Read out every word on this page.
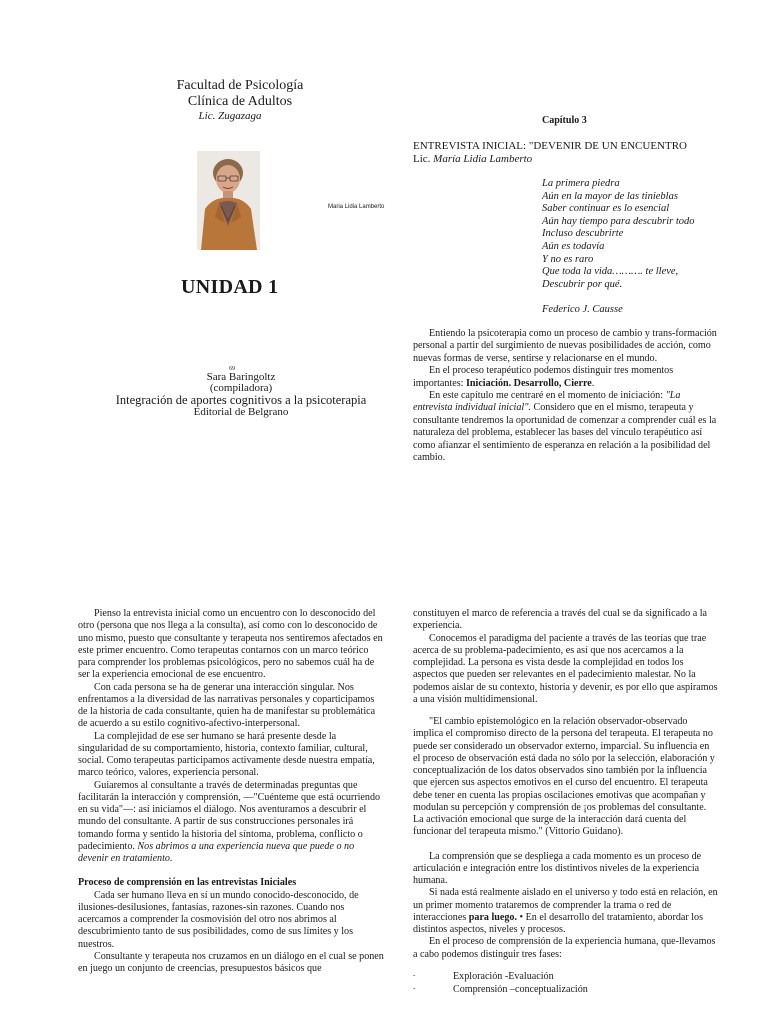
Facultad de Psicología
Clínica de Adultos
Lic. Zugazaga
Maria Lidia Lamberto
UNIDAD 1
69
Sara Baringoltz
(compiladora)
Integración de aportes cognitivos a la psicoterapia
Editorial de Belgrano
Capítulo 3
ENTREVISTA INICIAL: "DEVENIR DE UN ENCUENTRO
Lic. María Lidia Lamberto
La primera piedra
Aún en la mayor de las tinieblas
Saber continuar es lo esencial
Aún hay tiempo para descubrir todo
Incluso descubrirte
Aún es todavía
Y no es raro
Que toda la vida………. te lleve,
Descubrir por qué.
Federico J. Causse

Entiendo la psicoterapia como un proceso de cambio y trans-formación personal a partir del surgimiento de nuevas posibilidades de acción, como nuevas formas de verse, sentirse y relacionarse en el mundo.

En el proceso terapéutico podemos distinguir tres momentos importantes: Iniciación. Desarrollo, Cierre.

En este capítulo me centraré en el momento de iniciación: "La entrevista individual inicial". Considero que en el mismo, terapeuta y consultante tendremos la oportunidad de comenzar a comprender cuál es la naturaleza del problema, establecer las bases del vínculo terapéutico así como afianzar el sentimiento de esperanza en relación a la posibilidad del cambio.

Pienso la entrevista inicial como un encuentro con lo desconocido del otro (persona que nos llega a la consulta), así como con lo desconocido de uno mismo, puesto que consultante y terapeuta nos sentiremos afectados en este primer encuentro. Como terapeutas contarnos con un marco teórico para comprender los problemas psicológicos, pero no sabemos cuál ha de ser la experiencia emocional de ese encuentro.

Con cada persona se ha de generar una interacción singular. Nos enfrentamos a la diversidad de las narrativas personales y coparticipamos de la historia de cada consultante, quien ha de manifestar su problemática de acuerdo a su estilo cognitivo-afectivo-interpersonal.

La complejidad de ese ser humano se hará presente desde la singularidad de su comportamiento, historia, contexto familiar, cultural, social. Como terapeutas participamos activamente desde nuestra empatía, marco teórico, valores, experiencia personal.

Guiaremos al consultante a través de determinadas preguntas que facilitarán la interacción y comprensión, —"Cuénteme que está ocurriendo en su vida"—: así iniciamos el diálogo. Nos aventuramos a descubrir el mundo del consultante. A partir de sus construcciones personales irá tomando forma y sentido la historia del síntoma, problema, conflicto o padecimiento. Nos abrimos a una experiencia nueva que puede o no devenir en tratamiento.

Proceso de comprensión en las entrevistas Iniciales

Cada ser humano lleva en sí un mundo conocido-desconocido, de ilusiones-desilusiones, fantasías, razones-sin razones. Cuando nos acercamos a comprender la cosmovisión del otro nos abrimos al descubrimiento tanto de sus posibilidades, como de sus límites y los nuestros.

Consultante y terapeuta nos cruzamos en un diálogo en el cual se ponen en juego un conjunto de creencias, presupuestos básicos que

constituyen el marco de referencia a través del cual se da significado a la experiencia.

Conocemos el paradigma del paciente a través de las teorías que trae acerca de su problema-padecimiento, es así que nos acercamos a la complejidad. La persona es vista desde la complejidad en todos los aspectos que pueden ser relevantes en el padecimiento malestar. No la podemos aislar de su contexto, historia y devenir, es por ello que aspiramos a una visión multidimensional.

"El cambio epistemológico en la relación observador-observado implica el compromiso directo de la persona del terapeuta. El terapeuta no puede ser considerado un observador externo, imparcial. Su influencia en el proceso de observación está dada no sólo por la selección, elaboración y conceptualización de los datos observados sino también por la influencia que ejercen sus aspectos emotivos en el curso del encuentro. El terapeuta debe tener en cuenta las propias oscilaciones emotivas que acompañan y modulan su percepción y comprensión de ¡os problemas del consultante. La activación emocional que surge de la interacción dará cuenta del funcionar del terapeuta mismo." (Vittorio Guidano).

La comprensión que se despliega a cada momento es un proceso de articulación e integración entre los distintivos niveles de la experiencia humana.

Si nada está realmente aislado en el universo y todo está en relación, en un primer momento trataremos de comprender la trama o red de interacciones para luego. • En el desarrollo del tratamiento, abordar los distintos aspectos, niveles y procesos.

En el proceso de comprensión de la experiencia humana, que-llevamos a cabo podemos distinguir tres fases:

˜	Exploración -Evaluación
˜	Comprensión –conceptualización
